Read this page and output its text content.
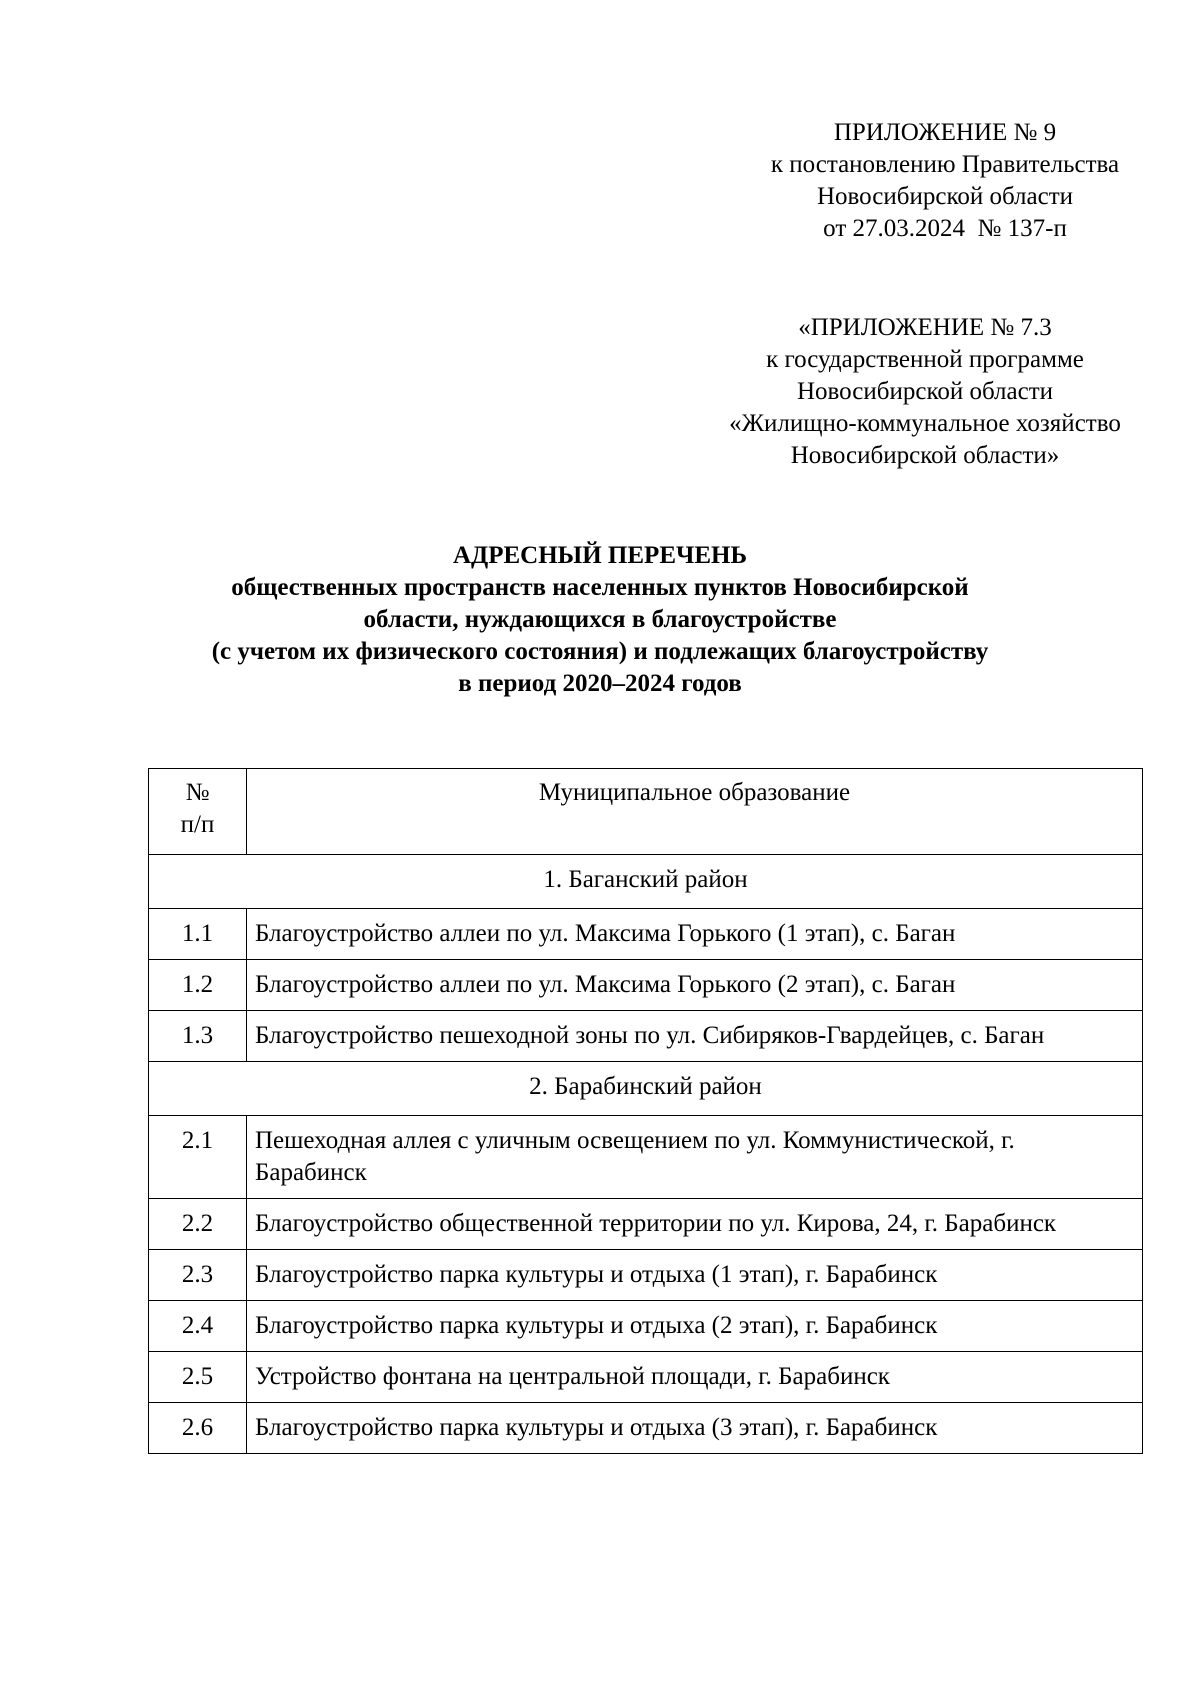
ПРИЛОЖЕНИЕ № 9
к постановлению Правительства
Новосибирской области
от 27.03.2024  № 137-п
«ПРИЛОЖЕНИЕ № 7.3
к государственной программе
Новосибирской области
«Жилищно-коммунальное хозяйство
Новосибирской области»
АДРЕСНЫЙ ПЕРЕЧЕНЬ
общественных пространств населенных пунктов Новосибирской
области, нуждающихся в благоустройстве
(с учетом их физического состояния) и подлежащих благоустройству
в период 2020–2024 годов
№
п/п	Муниципальное образование
1. Баганский район	
1.1	Благоустройство аллеи по ул. Максима Горького (1 этап), с. Баган
1.2	Благоустройство аллеи по ул. Максима Горького (2 этап), с. Баган
1.3	Благоустройство пешеходной зоны по ул. Сибиряков-Гвардейцев, с. Баган
2. Барабинский район	
2.1	Пешеходная аллея с уличным освещением по ул. Коммунистической, г. Барабинск
2.2	Благоустройство общественной территории по ул. Кирова, 24, г. Барабинск
2.3	Благоустройство парка культуры и отдыха (1 этап), г. Барабинск
2.4	Благоустройство парка культуры и отдыха (2 этап), г. Барабинск
2.5	Устройство фонтана на центральной площади, г. Барабинск
2.6	Благоустройство парка культуры и отдыха (3 этап), г. Барабинск
